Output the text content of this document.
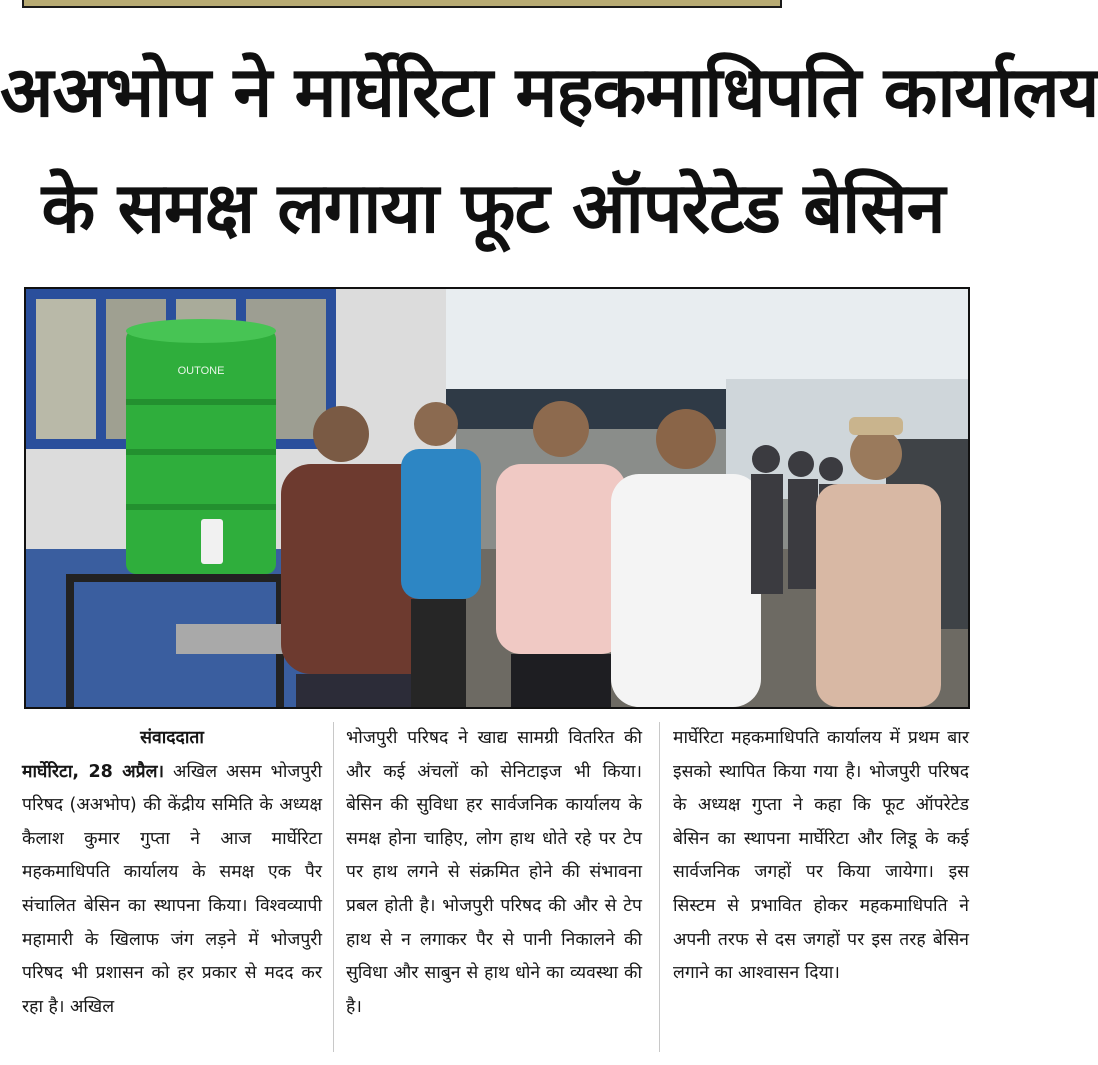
अअभोप ने मार्घेरिटा महकमाधिपति कार्यालय
के समक्ष लगाया फूट ऑपरेटेड बेसिन
OUTONE
संवाददाता
मार्घेरिटा, 28 अप्रैल। अखिल असम भोजपुरी परिषद (अअभोप) की केंद्रीय समिति के अध्यक्ष कैलाश कुमार गुप्ता ने आज मार्घेरिटा महकमाधिपति कार्यालय के समक्ष एक पैर संचालित बेसिन का स्थापना किया। विश्वव्यापी महामारी के खिलाफ जंग लड़ने में भोजपुरी परिषद भी प्रशासन को हर प्रकार से मदद कर रहा है। अखिल
भोजपुरी परिषद ने खाद्य सामग्री वितरित की और कई अंचलों को सेनिटाइज भी किया। बेसिन की सुविधा हर सार्वजनिक कार्यालय के समक्ष होना चाहिए, लोग हाथ धोते रहे पर टेप पर हाथ लगने से संक्रमित होने की संभावना प्रबल होती है। भोजपुरी परिषद की और से टेप हाथ से न लगाकर पैर से पानी निकालने की सुविधा और साबुन से हाथ धोने का व्यवस्था की है।
मार्घेरिटा महकमाधिपति कार्यालय में प्रथम बार इसको स्थापित किया गया है। भोजपुरी परिषद के अध्यक्ष गुप्ता ने कहा कि फूट ऑपरेटेड बेसिन का स्थापना मार्घेरिटा और लिडू के कई सार्वजनिक जगहों पर किया जायेगा। इस सिस्टम से प्रभावित होकर महकमाधिपति ने अपनी तरफ से दस जगहों पर इस तरह बेसिन लगाने का आश्वासन दिया।
